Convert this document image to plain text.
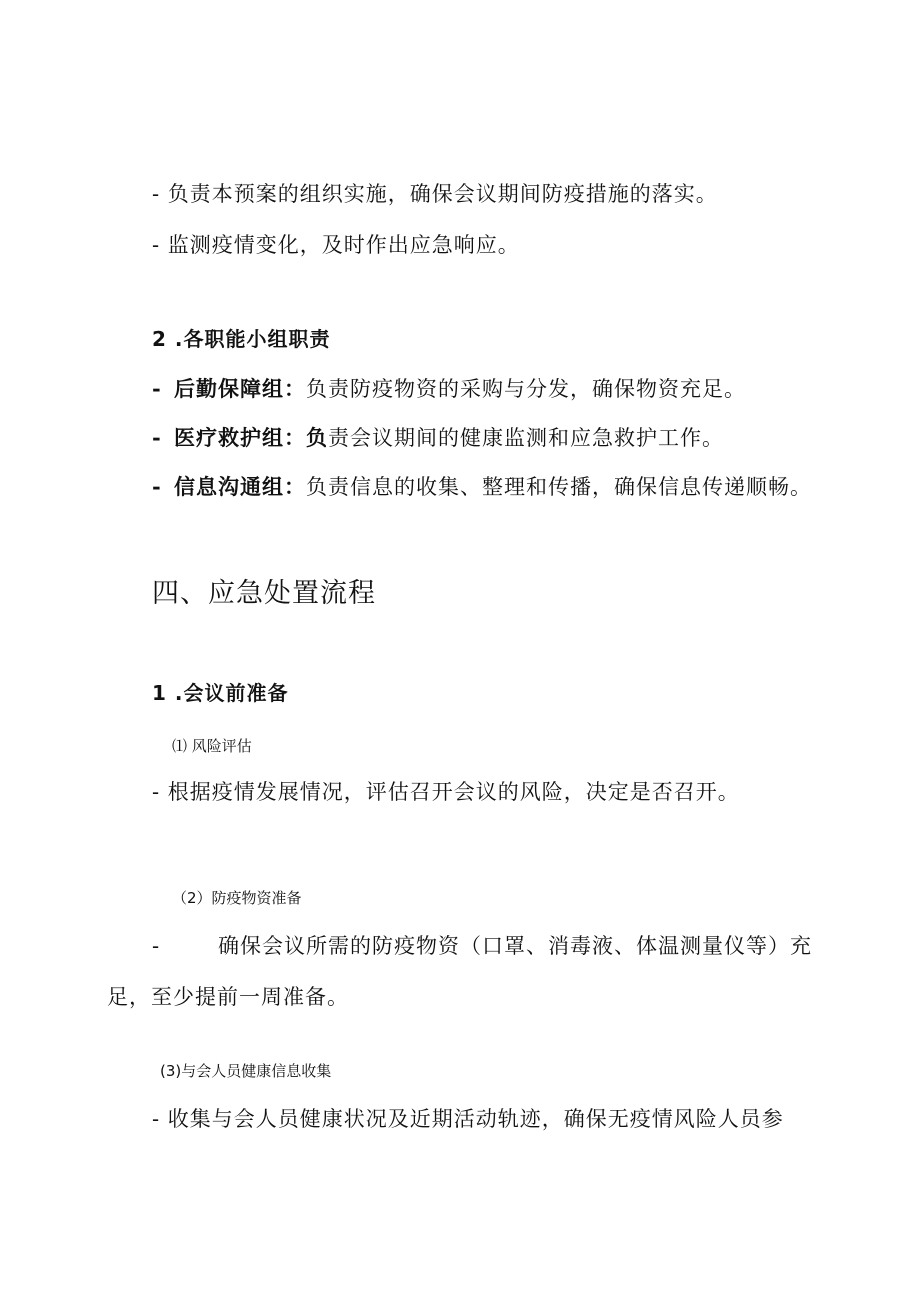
- 负责本预案的组织实施，确保会议期间防疫措施的落实。
- 监测疫情变化，及时作出应急响应。
2 .各职能小组职责
- 后勤保障组：负责防疫物资的采购与分发，确保物资充足。
- 医疗救护组：负责会议期间的健康监测和应急救护工作。
- 信息沟通组：负责信息的收集、整理和传播，确保信息传递顺畅。
四、应急处置流程
1 .会议前准备
⑴ 风险评估
- 根据疫情发展情况，评估召开会议的风险，决定是否召开。
（2）防疫物资准备
-	确保会议所需的防疫物资（口罩、消毒液、体温测量仪等）充
足，至少提前一周准备。
(3)与会人员健康信息收集
- 收集与会人员健康状况及近期活动轨迹，确保无疫情风险人员参
